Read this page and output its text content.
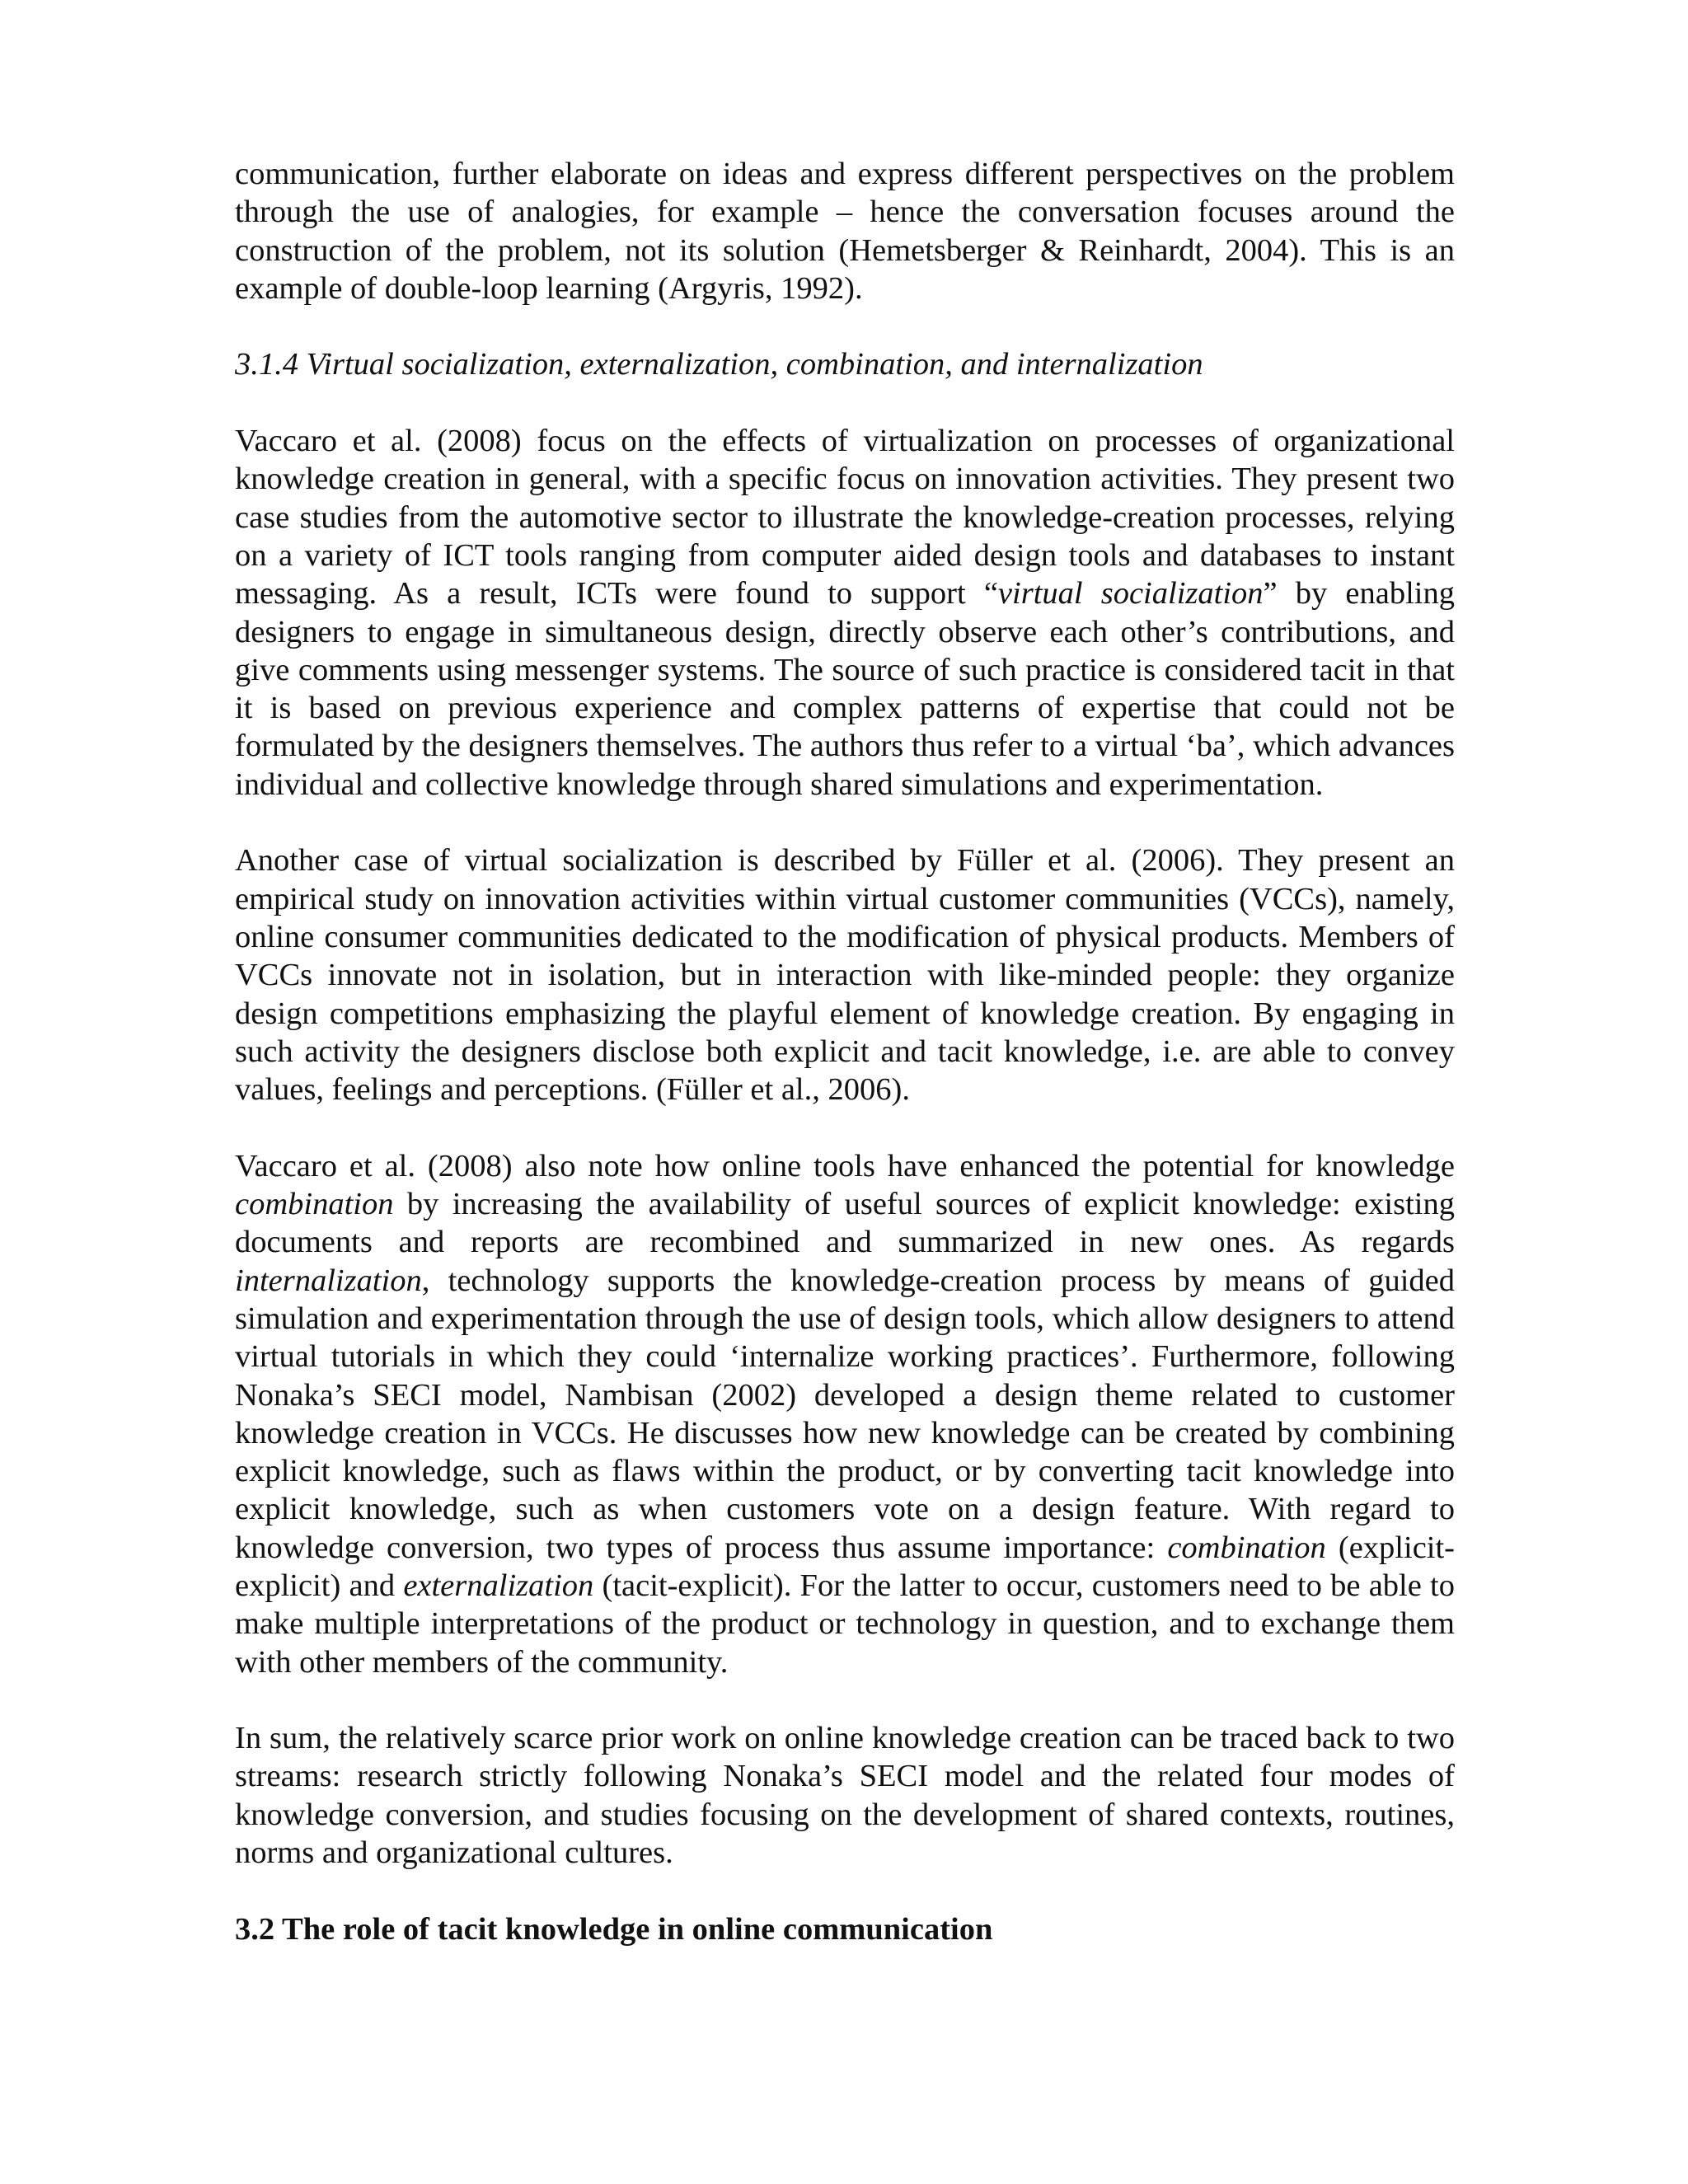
communication, further elaborate on ideas and express different perspectives on the problem through the use of analogies, for example – hence the conversation focuses around the construction of the problem, not its solution (Hemetsberger & Reinhardt, 2004). This is an example of double-loop learning (Argyris, 1992).

3.1.4 Virtual socialization, externalization, combination, and internalization

Vaccaro et al. (2008) focus on the effects of virtualization on processes of organizational knowledge creation in general, with a specific focus on innovation activities. They present two case studies from the automotive sector to illustrate the knowledge-creation processes, relying on a variety of ICT tools ranging from computer aided design tools and databases to instant messaging. As a result, ICTs were found to support “virtual socialization” by enabling designers to engage in simultaneous design, directly observe each other’s contributions, and give comments using messenger systems. The source of such practice is considered tacit in that it is based on previous experience and complex patterns of expertise that could not be formulated by the designers themselves. The authors thus refer to a virtual ‘ba’, which advances individual and collective knowledge through shared simulations and experimentation.

Another case of virtual socialization is described by Füller et al. (2006). They present an empirical study on innovation activities within virtual customer communities (VCCs), namely, online consumer communities dedicated to the modification of physical products. Members of VCCs innovate not in isolation, but in interaction with like-minded people: they organize design competitions emphasizing the playful element of knowledge creation. By engaging in such activity the designers disclose both explicit and tacit knowledge, i.e. are able to convey values, feelings and perceptions. (Füller et al., 2006).

Vaccaro et al. (2008) also note how online tools have enhanced the potential for knowledge combination by increasing the availability of useful sources of explicit knowledge: existing documents and reports are recombined and summarized in new ones. As regards internalization, technology supports the knowledge-creation process by means of guided simulation and experimentation through the use of design tools, which allow designers to attend virtual tutorials in which they could ‘internalize working practices’. Furthermore, following Nonaka’s SECI model, Nambisan (2002) developed a design theme related to customer knowledge creation in VCCs. He discusses how new knowledge can be created by combining explicit knowledge, such as flaws within the product, or by converting tacit knowledge into explicit knowledge, such as when customers vote on a design feature. With regard to knowledge conversion, two types of process thus assume importance: combination (explicit-explicit) and externalization (tacit-explicit). For the latter to occur, customers need to be able to make multiple interpretations of the product or technology in question, and to exchange them with other members of the community.

In sum, the relatively scarce prior work on online knowledge creation can be traced back to two streams: research strictly following Nonaka’s SECI model and the related four modes of knowledge conversion, and studies focusing on the development of shared contexts, routines, norms and organizational cultures.

3.2 The role of tacit knowledge in online communication
